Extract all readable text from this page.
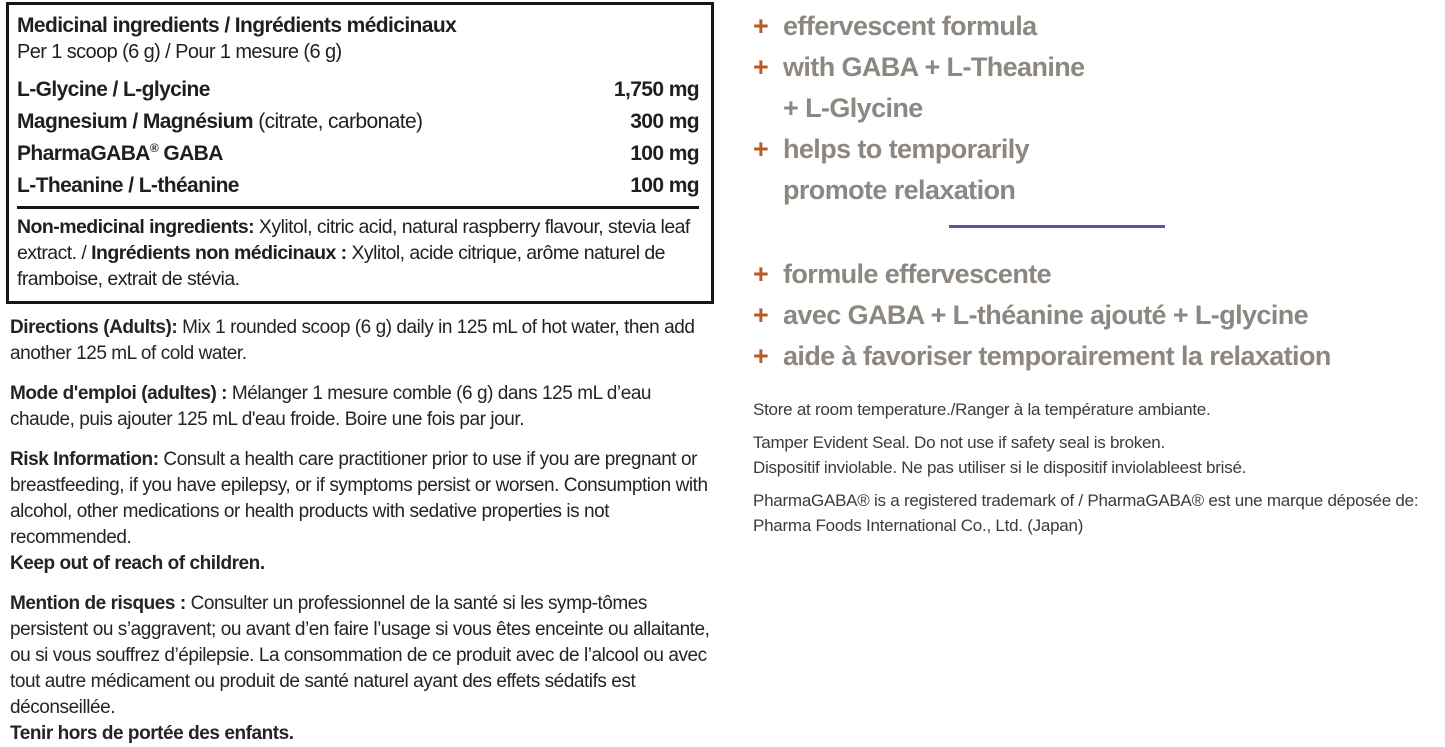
Medicinal ingredients / Ingrédients médicinaux
Per 1 scoop (6 g) / Pour 1 mesure (6 g)
L-Glycine / L-glycine	1,750 mg
Magnesium / Magnésium (citrate, carbonate)	300 mg
PharmaGABA® GABA	100 mg
L-Theanine / L-théanine	100 mg
Non-medicinal ingredients: Xylitol, citric acid, natural raspberry flavour, stevia leaf extract. / Ingrédients non médicinaux : Xylitol, acide citrique, arôme naturel de framboise, extrait de stévia.
Directions (Adults): Mix 1 rounded scoop (6 g) daily in 125 mL of hot water, then add another 125 mL of cold water.
Mode d'emploi (adultes) : Mélanger 1 mesure comble (6 g) dans 125 mL d’eau chaude, puis ajouter 125 mL d'eau froide. Boire une fois par jour.
Risk Information: Consult a health care practitioner prior to use if you are pregnant or breastfeeding, if you have epilepsy, or if symptoms persist or worsen. Consumption with alcohol, other medications or health products with sedative properties is not recommended.
Keep out of reach of children.
Mention de risques : Consulter un professionnel de la santé si les symp-tômes persistent ou s’aggravent; ou avant d’en faire l’usage si vous êtes enceinte ou allaitante, ou si vous souffrez d’épilepsie. La consommation de ce produit avec de l’alcool ou avec tout autre médicament ou produit de santé naturel ayant des effets sédatifs est déconseillée.
Tenir hors de portée des enfants.
+ effervescent formula
+ with GABA + L-Theanine
+ L-Glycine
+ helps to temporarily
promote relaxation
+ formule effervescente
+ avec GABA + L-théanine ajouté + L-glycine
+ aide à favoriser temporairement la relaxation
Store at room temperature./Ranger à la température ambiante.
Tamper Evident Seal. Do not use if safety seal is broken.
Dispositif inviolable. Ne pas utiliser si le dispositif inviolableest brisé.
PharmaGABA® is a registered trademark of / PharmaGABA® est une marque déposée de:
Pharma Foods International Co., Ltd. (Japan)
